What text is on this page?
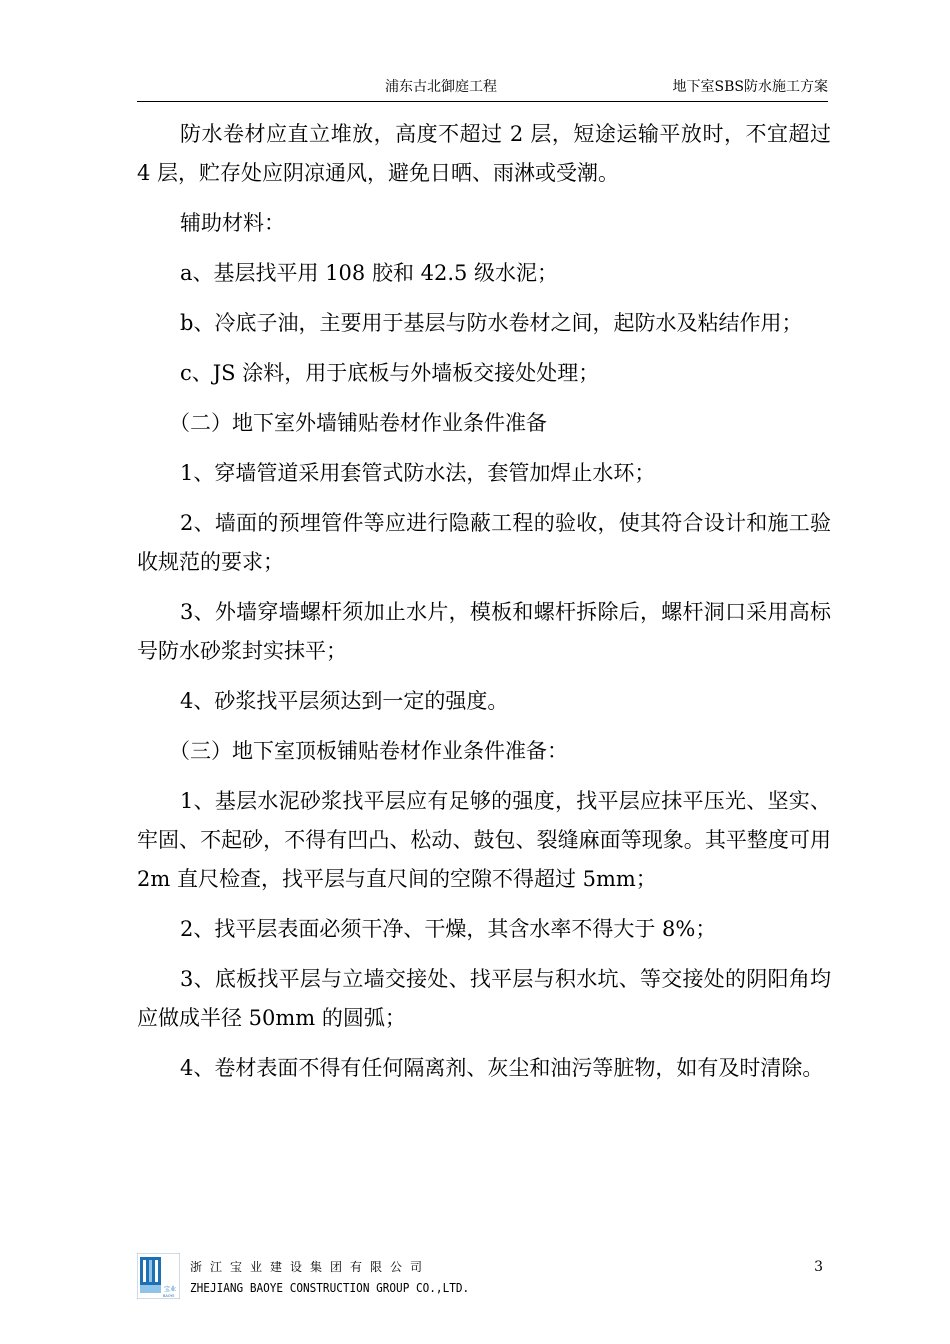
浦东古北御庭工程	地下室SBS防水施工方案

防水卷材应直立堆放，高度不超过 2 层，短途运输平放时，不宜超过 4 层，贮存处应阴凉通风，避免日晒、雨淋或受潮。

辅助材料：

a、基层找平用 108 胶和 42.5 级水泥；

b、冷底子油，主要用于基层与防水卷材之间，起防水及粘结作用；

c、JS 涂料，用于底板与外墙板交接处处理；

（二）地下室外墙铺贴卷材作业条件准备

1、穿墙管道采用套管式防水法，套管加焊止水环；

2、墙面的预埋管件等应进行隐蔽工程的验收，使其符合设计和施工验收规范的要求；

3、外墙穿墙螺杆须加止水片，模板和螺杆拆除后，螺杆洞口采用高标号防水砂浆封实抹平；

4、砂浆找平层须达到一定的强度。

（三）地下室顶板铺贴卷材作业条件准备：

1、基层水泥砂浆找平层应有足够的强度，找平层应抹平压光、坚实、牢固、不起砂，不得有凹凸、松动、鼓包、裂缝麻面等现象。其平整度可用 2m 直尺检查，找平层与直尺间的空隙不得超过 5mm；

2、找平层表面必须干净、干燥，其含水率不得大于 8%；

3、底板找平层与立墙交接处、找平层与积水坑、等交接处的阴阳角均应做成半径 50mm 的圆弧；

4、卷材表面不得有任何隔离剂、灰尘和油污等脏物，如有及时清除。

宝业
BAOYE
浙江宝业建设集团有限公司
ZHEJIANG BAOYE CONSTRUCTION GROUP CO.,LTD.
3
